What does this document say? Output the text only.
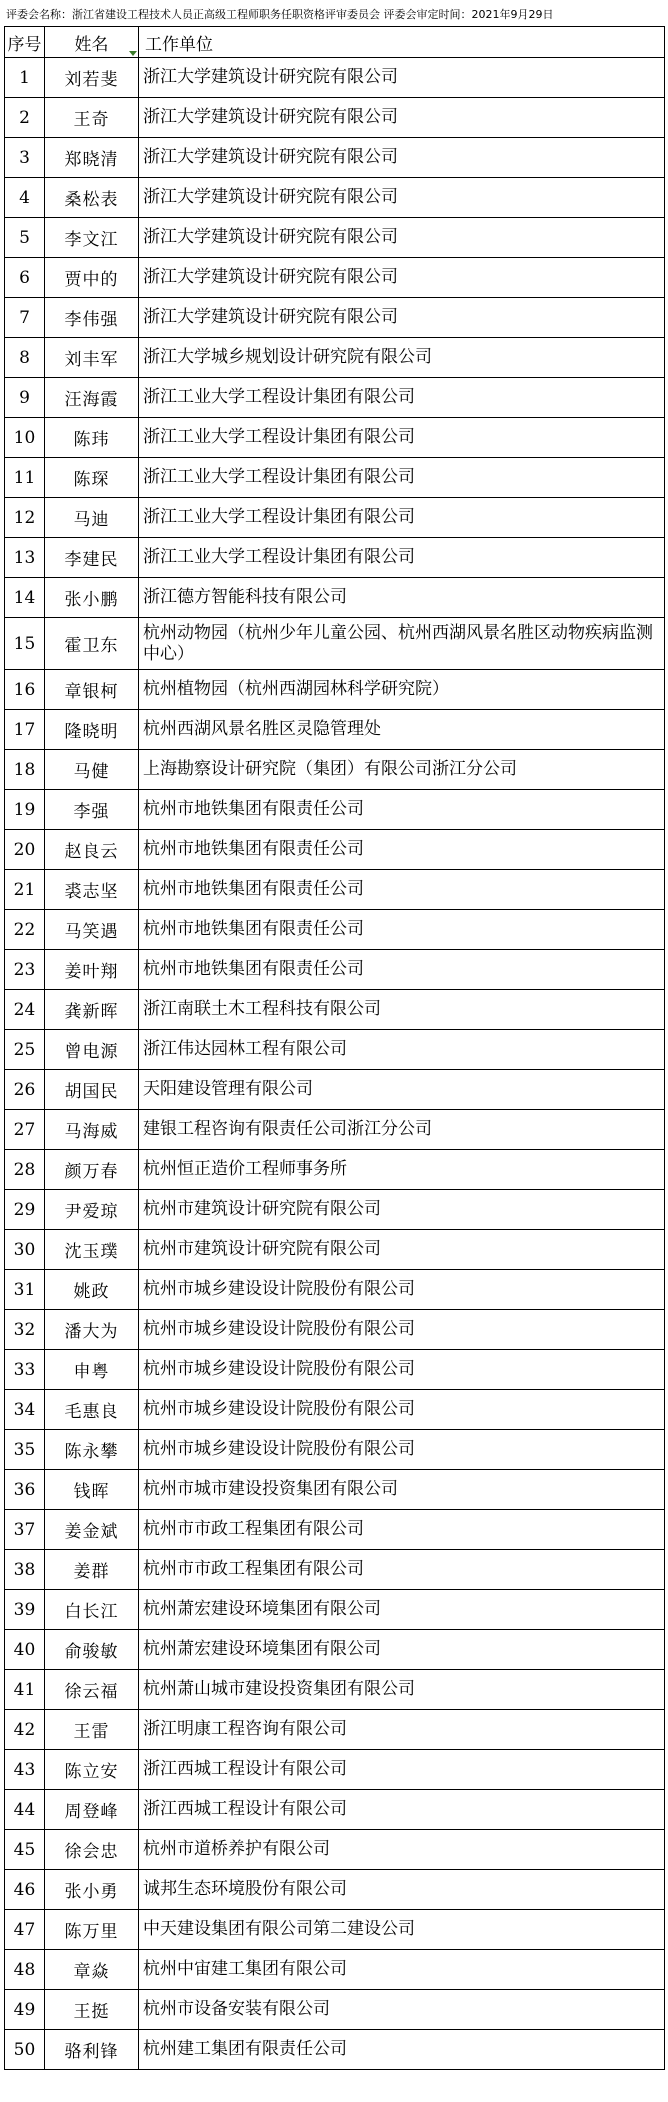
评委会名称：浙江省建设工程技术人员正高级工程师职务任职资格评审委员会 评委会审定时间：2021年9月29日
序号	姓名	工作单位
1	刘若斐	浙江大学建筑设计研究院有限公司
2	王奇	浙江大学建筑设计研究院有限公司
3	郑晓清	浙江大学建筑设计研究院有限公司
4	桑松表	浙江大学建筑设计研究院有限公司
5	李文江	浙江大学建筑设计研究院有限公司
6	贾中的	浙江大学建筑设计研究院有限公司
7	李伟强	浙江大学建筑设计研究院有限公司
8	刘丰军	浙江大学城乡规划设计研究院有限公司
9	汪海霞	浙江工业大学工程设计集团有限公司
10	陈玮	浙江工业大学工程设计集团有限公司
11	陈琛	浙江工业大学工程设计集团有限公司
12	马迪	浙江工业大学工程设计集团有限公司
13	李建民	浙江工业大学工程设计集团有限公司
14	张小鹏	浙江德方智能科技有限公司
15	霍卫东	杭州动物园（杭州少年儿童公园、杭州西湖风景名胜区动物疾病监测中心）
16	章银柯	杭州植物园（杭州西湖园林科学研究院）
17	隆晓明	杭州西湖风景名胜区灵隐管理处
18	马健	上海勘察设计研究院（集团）有限公司浙江分公司
19	李强	杭州市地铁集团有限责任公司
20	赵良云	杭州市地铁集团有限责任公司
21	裘志坚	杭州市地铁集团有限责任公司
22	马笑遇	杭州市地铁集团有限责任公司
23	姜叶翔	杭州市地铁集团有限责任公司
24	龚新晖	浙江南联土木工程科技有限公司
25	曾电源	浙江伟达园林工程有限公司
26	胡国民	天阳建设管理有限公司
27	马海威	建银工程咨询有限责任公司浙江分公司
28	颜万春	杭州恒正造价工程师事务所
29	尹爱琼	杭州市建筑设计研究院有限公司
30	沈玉璞	杭州市建筑设计研究院有限公司
31	姚政	杭州市城乡建设设计院股份有限公司
32	潘大为	杭州市城乡建设设计院股份有限公司
33	申粤	杭州市城乡建设设计院股份有限公司
34	毛惠良	杭州市城乡建设设计院股份有限公司
35	陈永攀	杭州市城乡建设设计院股份有限公司
36	钱晖	杭州市城市建设投资集团有限公司
37	姜金斌	杭州市市政工程集团有限公司
38	姜群	杭州市市政工程集团有限公司
39	白长江	杭州萧宏建设环境集团有限公司
40	俞骏敏	杭州萧宏建设环境集团有限公司
41	徐云福	杭州萧山城市建设投资集团有限公司
42	王雷	浙江明康工程咨询有限公司
43	陈立安	浙江西城工程设计有限公司
44	周登峰	浙江西城工程设计有限公司
45	徐会忠	杭州市道桥养护有限公司
46	张小勇	诚邦生态环境股份有限公司
47	陈万里	中天建设集团有限公司第二建设公司
48	章焱	杭州中宙建工集团有限公司
49	王挺	杭州市设备安装有限公司
50	骆利锋	杭州建工集团有限责任公司
